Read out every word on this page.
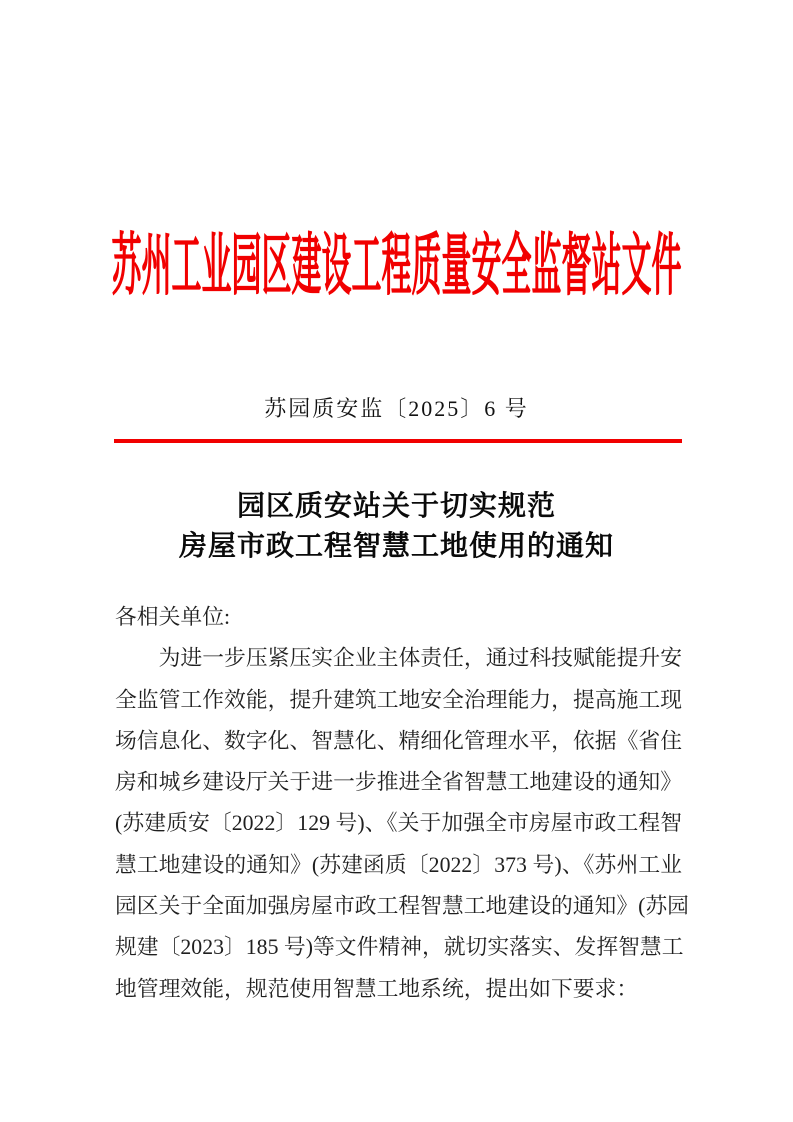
苏州工业园区建设工程质量安全监督站文件
苏园质安监〔2025〕6 号
园区质安站关于切实规范
房屋市政工程智慧工地使用的通知
各相关单位:
为进一步压紧压实企业主体责任，通过科技赋能提升安
全监管工作效能，提升建筑工地安全治理能力，提高施工现
场信息化、数字化、智慧化、精细化管理水平，依据《省住
房和城乡建设厅关于进一步推进全省智慧工地建设的通知》
(苏建质安〔2022〕129 号)、《关于加强全市房屋市政工程智
慧工地建设的通知》(苏建函质〔2022〕373 号)、《苏州工业
园区关于全面加强房屋市政工程智慧工地建设的通知》(苏园
规建〔2023〕185 号)等文件精神，就切实落实、发挥智慧工
地管理效能，规范使用智慧工地系统，提出如下要求：
